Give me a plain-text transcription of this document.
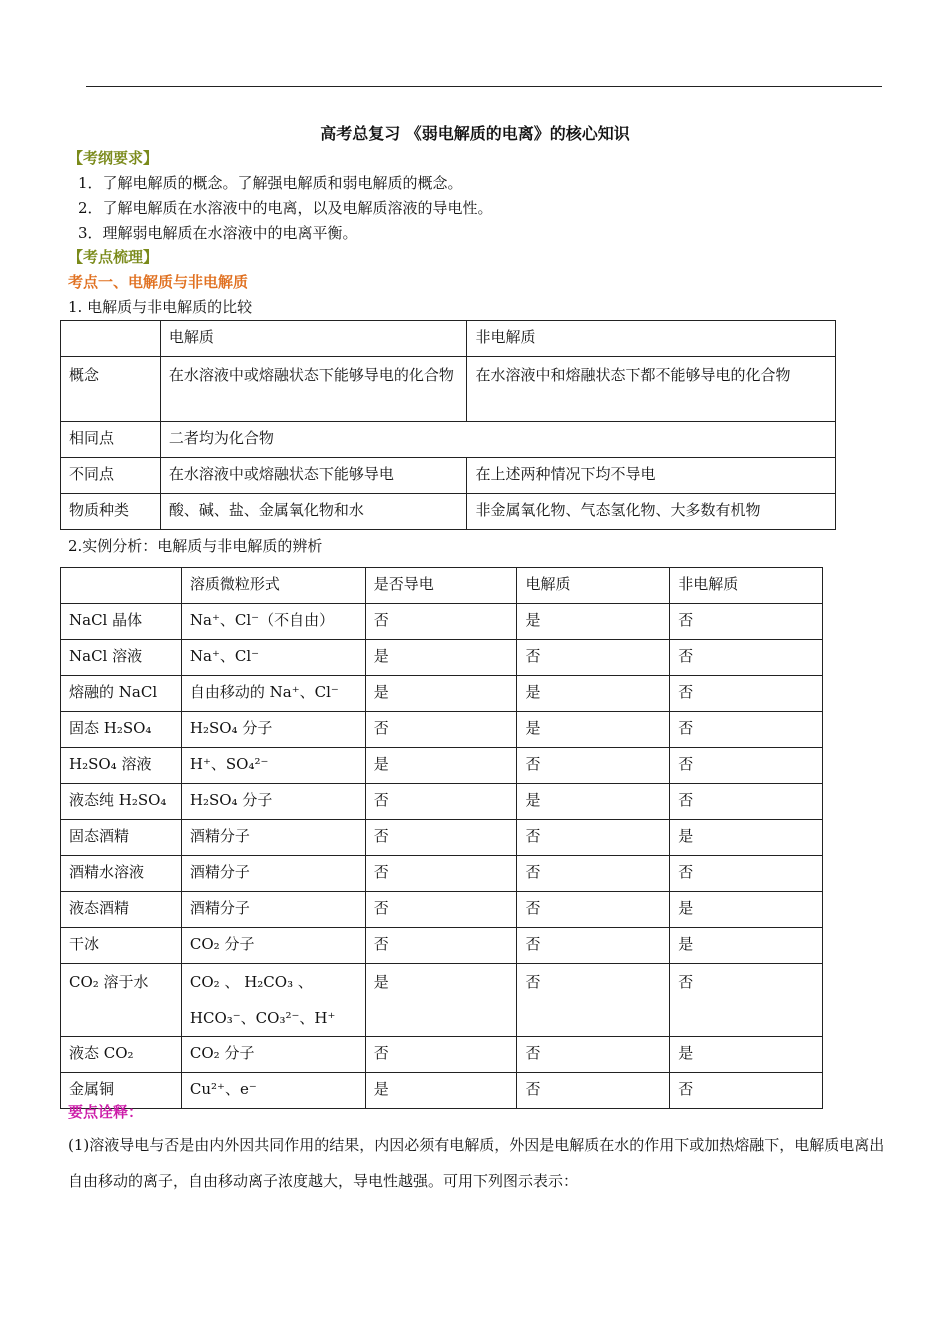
高考总复习 《弱电解质的电离》的核心知识
【考纲要求】
1．了解电解质的概念。了解强电解质和弱电解质的概念。
2．了解电解质在水溶液中的电离，以及电解质溶液的导电性。
3．理解弱电解质在水溶液中的电离平衡。
【考点梳理】
考点一、电解质与非电解质
1. 电解质与非电解质的比较
	电解质	非电解质
概念	在水溶液中或熔融状态下能够导电的化合物	在水溶液中和熔融状态下都不能够导电的化合物
相同点	二者均为化合物	
不同点	在水溶液中或熔融状态下能够导电	在上述两种情况下均不导电
物质种类	酸、碱、盐、金属氧化物和水	非金属氧化物、气态氢化物、大多数有机物
2.实例分析：电解质与非电解质的辨析
	溶质微粒形式	是否导电	电解质	非电解质
NaCl 晶体	Na⁺、Cl⁻（不自由）	否	是	否
NaCl 溶液	Na⁺、Cl⁻	是	否	否
熔融的 NaCl	自由移动的 Na⁺、Cl⁻	是	是	否
固态 H₂SO₄	H₂SO₄ 分子	否	是	否
H₂SO₄ 溶液	H⁺、SO₄²⁻	是	否	否
液态纯 H₂SO₄	H₂SO₄ 分子	否	是	否
固态酒精	酒精分子	否	否	是
酒精水溶液	酒精分子	否	否	否
液态酒精	酒精分子	否	否	是
干冰	CO₂ 分子	否	否	是
CO₂ 溶于水	CO₂ 、 H₂CO₃ 、 HCO₃⁻、CO₃²⁻、H⁺	是	否	否
液态 CO₂	CO₂ 分子	否	否	是
金属铜	Cu²⁺、e⁻	是	否	否
要点诠释：
(1)溶液导电与否是由内外因共同作用的结果，内因必须有电解质，外因是电解质在水的作用下或加热熔融下，电解质电离出自由移动的离子，自由移动离子浓度越大，导电性越强。可用下列图示表示：
